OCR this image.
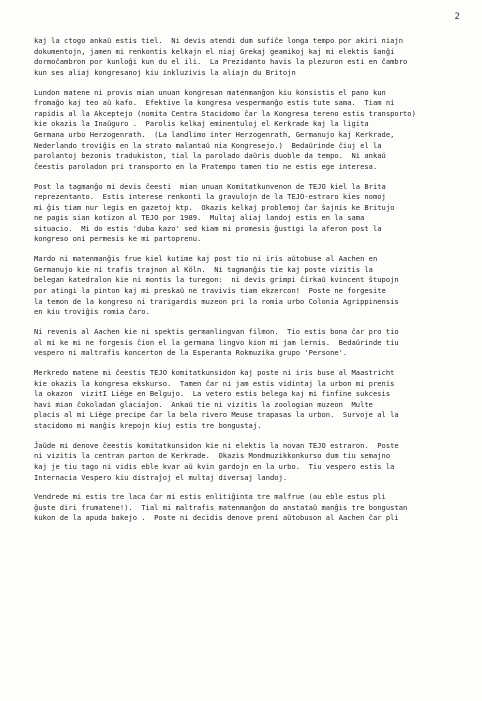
2
kaj la ctogo ankaŭ estis tiel.  Ni devis atendi dum sufiĉe longa tempo por akiri niajn
dokumentojn, jamen mi renkontis kelkajn el niaj Grekaj geamikoj kaj mi elektis ŝanĝi
dormoĉambron por kunloĝi kun du el ili.  La Prezidanto havis la plezuron esti en ĉambro
kun ses aliaj kongresanoj kiu inkluzivis la aliajn du Britojn
Lundon matene ni provis mian unuan kongresan matenmanĝon kiu konsistis el pano kun
fromaĝo kaj teo aŭ kafo.  Efektive la kongresa vespermanĝo estis tute sama.  Tiam ni
rapidis al la Akceptejo (nomita Centra Stacidomo ĉar la Kongresa tereno estis transporto)
kie okazis la Inaŭguro .  Parolis kelkaj eminentuloj el Kerkrade kaj la ligita
Germana urbo Herzogenrath.  (La landlimo inter Herzogenrath, Germanujo kaj Kerkrade,
Nederlando troviĝis en la strato malantaŭ nia Kongresejo.)  Bedaŭrinde ĉiuj el la
parolantoj bezonis tradukiston, tial la parolado daŭris duoble da tempo.  Ni ankaŭ
ĉeestis paroladon pri transporto en la Pratempo tamen tio ne estis ege interesa.
Post la tagmanĝo mi devis ĉeesti  mian unuan Komitatkunvenon de TEJO kiel la Brita
reprezentanto.  Estis interese renkonti la gravulojn de la TEJO-estraro kies nomoj
mi ĝis tiam nur legis en gazetoj ktp.  Okazis kelkaj problemoj ĉar ŝajnis ke Britujo
ne pagis sian kotizon al TEJO por 1989.  Multaj aliaj landoj estis en la sama
situacio.  Mi do estis 'duba kazo' sed kiam mi promesis ĝustigi la aferon post la
kongreso oni permesis ke mi partoprenu.
Mardo ni matenmanĝis frue kiel kutime kaj post tio ni iris aŭtobuse al Aachen en
Germanujo kie ni trafis trajnon al Köln.  Ni tagmanĝis tie kaj poste vizitis la
belegan katedralon kie ni montis la turegon:  ni devis grimpi ĉirkaŭ kvincent ŝtupojn
por atingi la pinton kaj mi preskaŭ ne travivis tiam ekzercon!  Poste ne forgesite
la temon de la kongreso ni trarigardis muzeon pri la romia urbo Colonia Agrippinensis
en kiu troviĝis romia ĉaro.
Ni revenis al Aachen kie ni spektis germanlingvan filmon.  Tio estis bona ĉar pro tio
al mi ke mi ne forgesis ĉion el la germana lingvo kion mi jam lernis.  Bedaŭrinde tiu
vespero ni maltrafis koncerton de la Esperanta Rokmuzika grupo 'Persone'.
Merkredo matene mi ĉeestis TEJO komitatkunsidon kaj poste ni iris buse al Maastricht
kie okazis la kongresa ekskurso.  Tamen ĉar ni jam estis vidintaj la urbon mi prenis
la okazon  vizitI Liège en Belgujo.  La vetero estis belega kaj mi finfine sukcesis
havi mian ĉokoladan glaciaĵon.  Ankaŭ tie ni vizitis la zoologian muzeon  Multe
placis al mi Liège precipe ĉar la bela rivero Meuse trapasas la urbon.  Survoje al la
stacidomo mi manĝis krepojn kiuj estis tre bongustaj.
Ĵaŭde mi denove ĉeestis komitatkunsidon kie ni elektis la novan TEJO estraron.  Poste
ni vizitis la centran parton de Kerkrade.  Okazis Mondmuzikkonkurso dum tiu semajno
kaj je tiu tago ni vidis eble kvar aŭ kvin gardojn en la urbo.  Tiu vespero estis la
Internacia Vespero kiu distraĵoj el multaj diversaj landoj.
Vendrede mi estis tre laca ĉar mi estis enlitiĝinta tre malfrue (au eble estus pli
ĝuste diri frumatene!).  Tial mi maltrafis matenmanĝon do anstataŭ manĝis tre bongustan
kukon de la apuda bakejo .  Poste ni decidis denove preni aŭtobuson al Aachen ĉar pli
